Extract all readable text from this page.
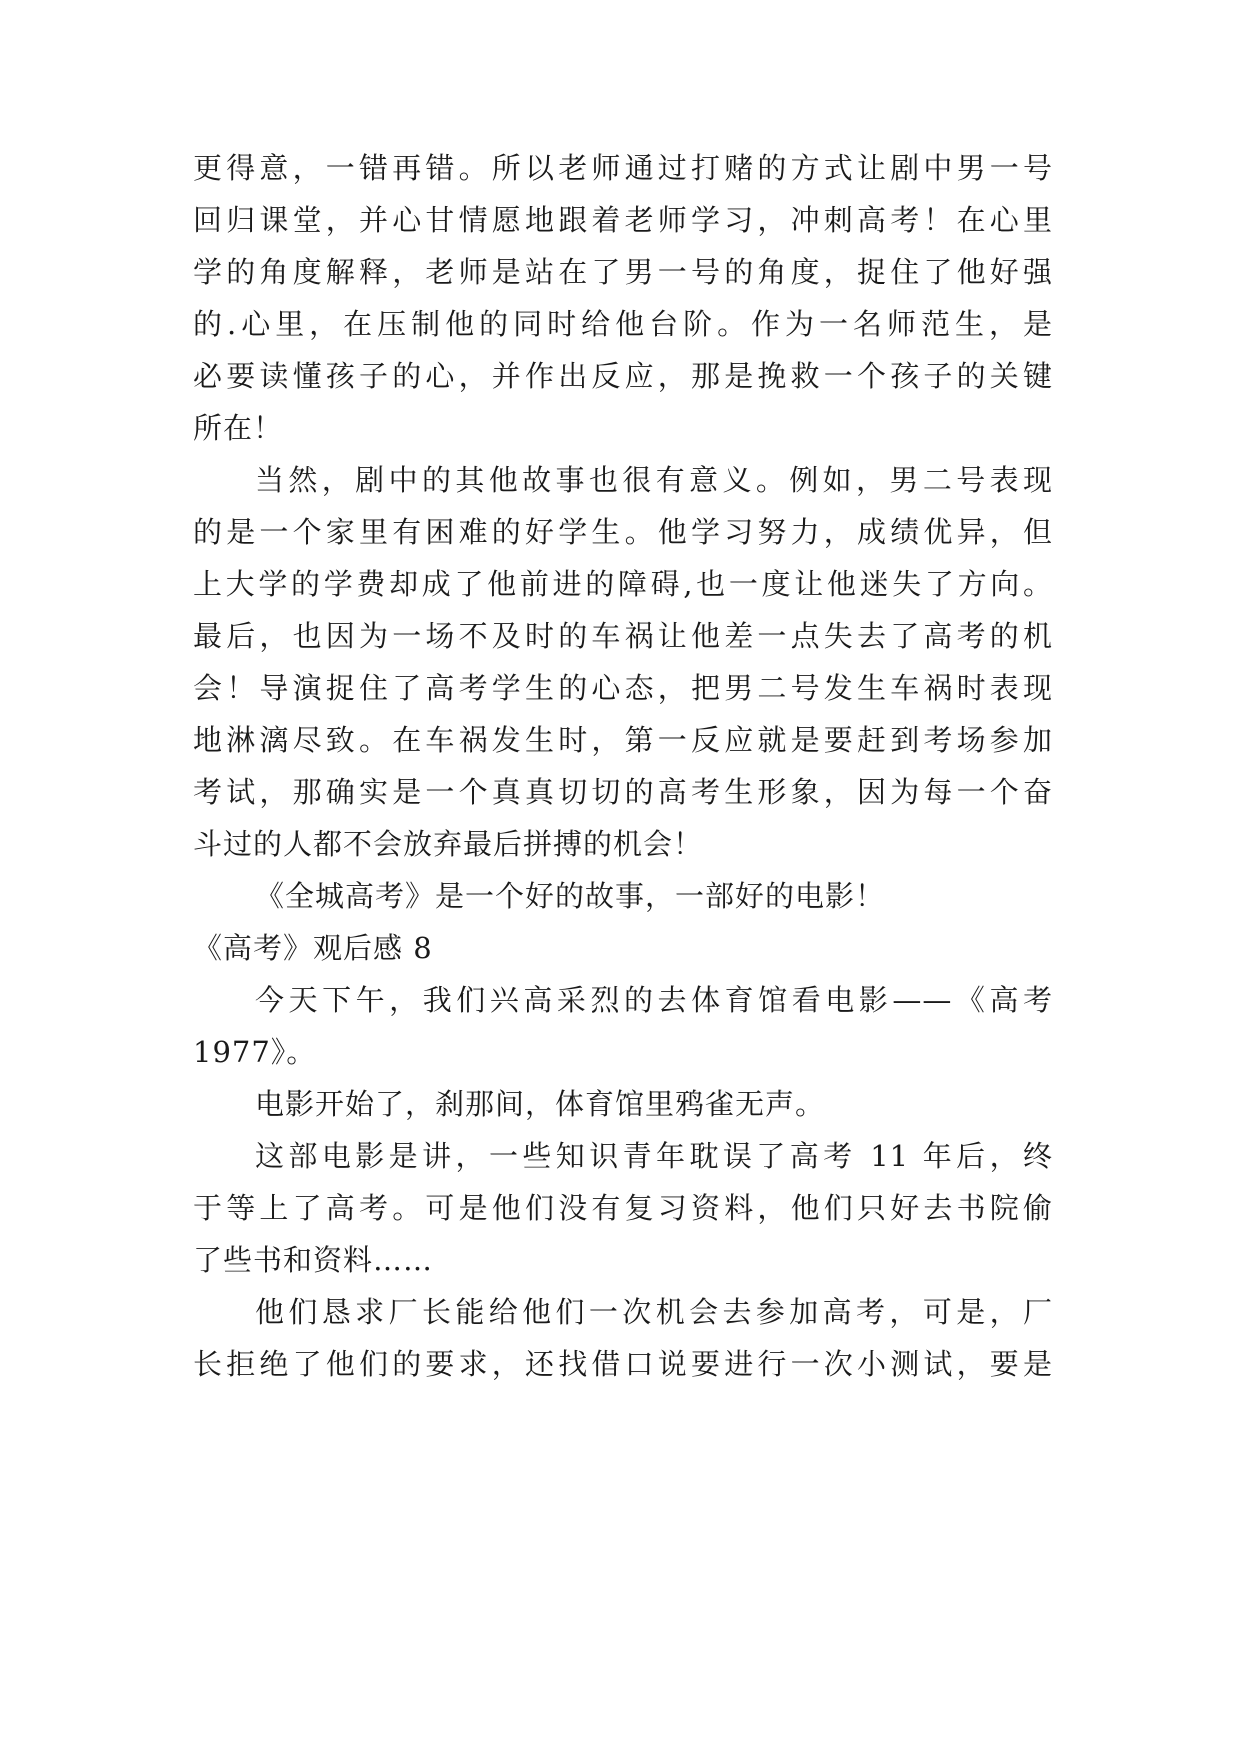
更得意，一错再错。所以老师通过打赌的方式让剧中男一号
回归课堂，并心甘情愿地跟着老师学习，冲刺高考！在心里
学的角度解释，老师是站在了男一号的角度，捉住了他好强
的.心里，在压制他的同时给他台阶。作为一名师范生，是
必要读懂孩子的心，并作出反应，那是挽救一个孩子的关键
所在！
当然，剧中的其他故事也很有意义。例如，男二号表现
的是一个家里有困难的好学生。他学习努力，成绩优异，但
上大学的学费却成了他前进的障碍,也一度让他迷失了方向。
最后，也因为一场不及时的车祸让他差一点失去了高考的机
会！导演捉住了高考学生的心态，把男二号发生车祸时表现
地淋漓尽致。在车祸发生时，第一反应就是要赶到考场参加
考试，那确实是一个真真切切的高考生形象，因为每一个奋
斗过的人都不会放弃最后拼搏的机会！
《全城高考》是一个好的故事，一部好的电影！
《高考》观后感 8
今天下午，我们兴高采烈的去体育馆看电影——《高考
1977》。
电影开始了，刹那间，体育馆里鸦雀无声。
这部电影是讲，一些知识青年耽误了高考 11 年后，终
于等上了高考。可是他们没有复习资料，他们只好去书院偷
了些书和资料……
他们恳求厂长能给他们一次机会去参加高考，可是，厂
长拒绝了他们的要求，还找借口说要进行一次小测试，要是
